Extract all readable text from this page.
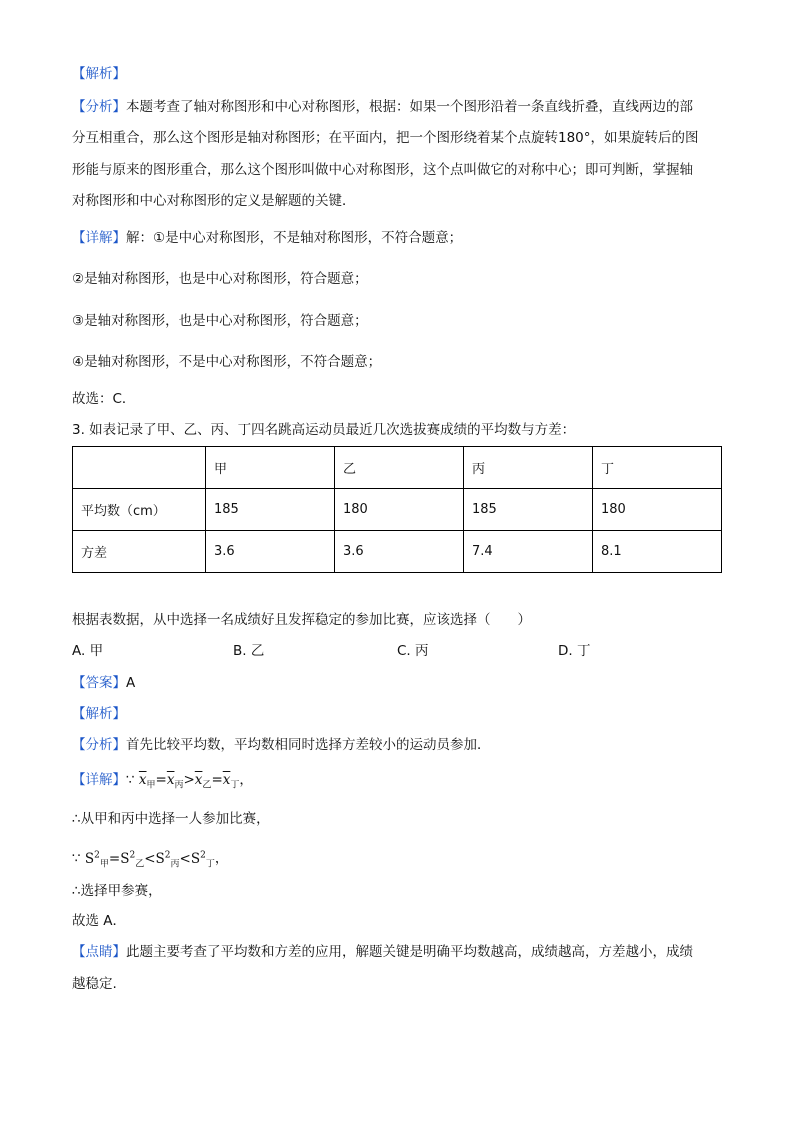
【解析】
【分析】本题考查了轴对称图形和中心对称图形，根据：如果一个图形沿着一条直线折叠，直线两边的部
分互相重合，那么这个图形是轴对称图形；在平面内，把一个图形绕着某个点旋转180°，如果旋转后的图
形能与原来的图形重合，那么这个图形叫做中心对称图形，这个点叫做它的对称中心；即可判断，掌握轴
对称图形和中心对称图形的定义是解题的关键．
【详解】解：①是中心对称图形，不是轴对称图形，不符合题意；
②是轴对称图形，也是中心对称图形，符合题意；
③是轴对称图形，也是中心对称图形，符合题意；
④是轴对称图形，不是中心对称图形，不符合题意；
故选：C．
3. 如表记录了甲、乙、丙、丁四名跳高运动员最近几次选拔赛成绩的平均数与方差：
	甲	乙	丙	丁
平均数（cm）	185	180	185	180
方差	3.6	3.6	7.4	8.1
根据表数据，从中选择一名成绩好且发挥稳定的参加比赛，应该选择（　　）
A. 甲	B. 乙	C. 丙	D. 丁
【答案】A
【解析】
【分析】首先比较平均数，平均数相同时选择方差较小的运动员参加．
【详解】∵ $\overline{x}_甲=\overline{x}_丙>\overline{x}_乙=\overline{x}_丁$，
∴从甲和丙中选择一人参加比赛，
∵ $S^2_甲=S^2_乙<S^2_丙<S^2_丁$，
∴选择甲参赛，
故选 A．
【点睛】此题主要考查了平均数和方差的应用，解题关键是明确平均数越高，成绩越高，方差越小，成绩
越稳定.
